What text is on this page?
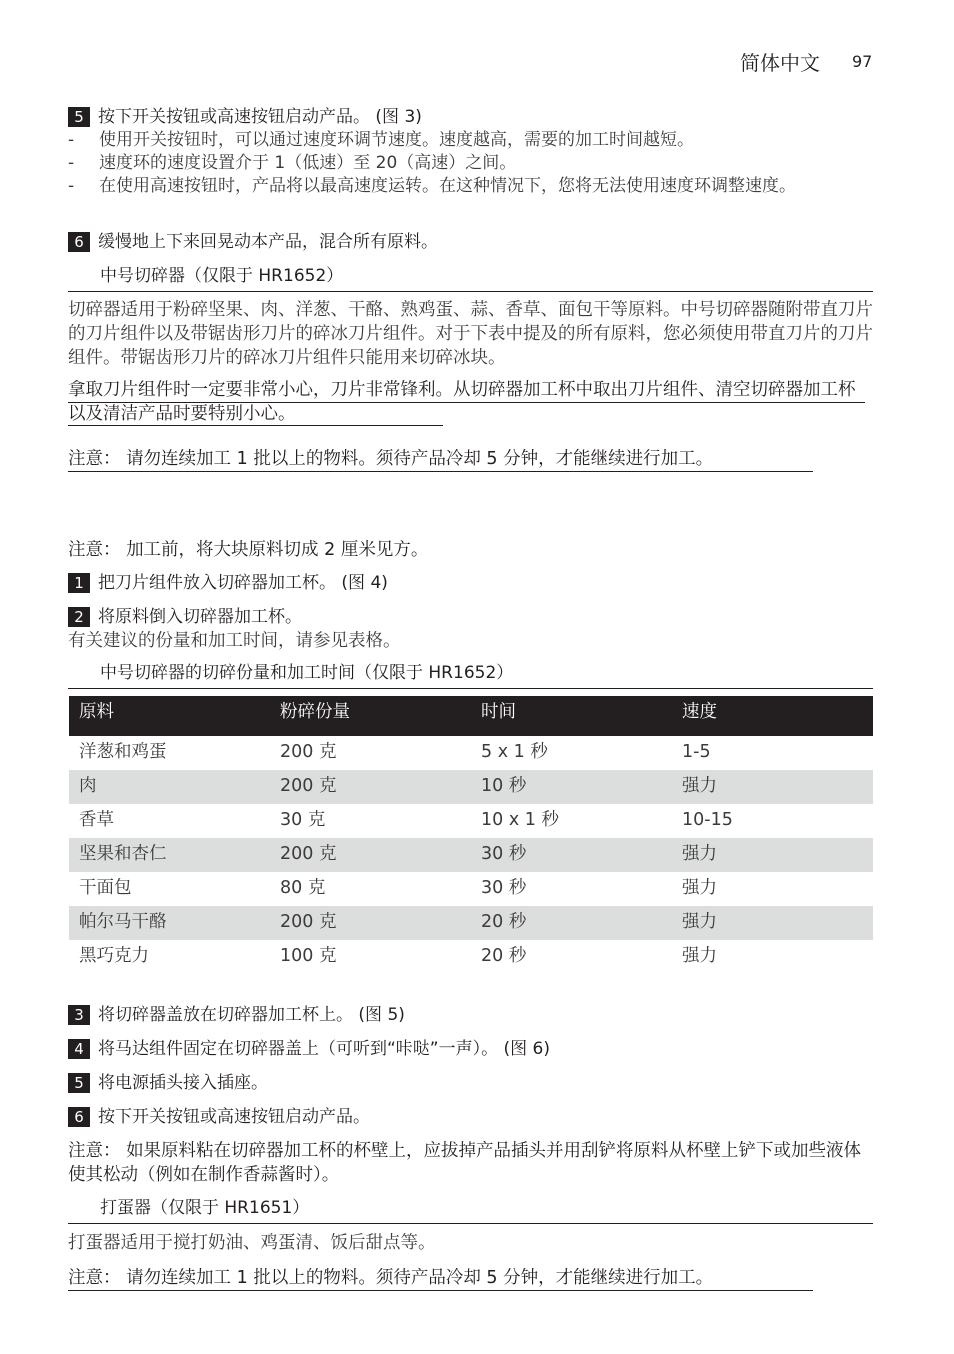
简体中文 97
5 按下开关按钮或高速按钮启动产品。 (图 3)
- 使用开关按钮时，可以通过速度环调节速度。速度越高，需要的加工时间越短。
- 速度环的速度设置介于 1（低速）至 20（高速）之间。
- 在使用高速按钮时，产品将以最高速度运转。在这种情况下，您将无法使用速度环调整速度。
6 缓慢地上下来回晃动本产品，混合所有原料。
中号切碎器（仅限于 HR1652）
切碎器适用于粉碎坚果、肉、洋葱、干酪、熟鸡蛋、蒜、香草、面包干等原料。中号切碎器随附带直刀片的刀片组件以及带锯齿形刀片的碎冰刀片组件。对于下表中提及的所有原料，您必须使用带直刀片的刀片组件。带锯齿形刀片的碎冰刀片组件只能用来切碎冰块。
拿取刀片组件时一定要非常小心，刀片非常锋利。从切碎器加工杯中取出刀片组件、清空切碎器加工杯以及清洁产品时要特别小心。
注意： 请勿连续加工 1 批以上的物料。须待产品冷却 5 分钟，才能继续进行加工。
注意： 加工前，将大块原料切成 2 厘米见方。
1 把刀片组件放入切碎器加工杯。 (图 4)
2 将原料倒入切碎器加工杯。
有关建议的份量和加工时间，请参见表格。
中号切碎器的切碎份量和加工时间（仅限于 HR1652）
原料	粉碎份量	时间	速度
洋葱和鸡蛋	200 克	5 x 1 秒	1-5
肉	200 克	10 秒	强力
香草	30 克	10 x 1 秒	10-15
坚果和杏仁	200 克	30 秒	强力
干面包	80 克	30 秒	强力
帕尔马干酪	200 克	20 秒	强力
黑巧克力	100 克	20 秒	强力
3 将切碎器盖放在切碎器加工杯上。 (图 5)
4 将马达组件固定在切碎器盖上（可听到“咔哒”一声）。 (图 6)
5 将电源插头接入插座。
6 按下开关按钮或高速按钮启动产品。
注意： 如果原料粘在切碎器加工杯的杯壁上，应拔掉产品插头并用刮铲将原料从杯壁上铲下或加些液体使其松动（例如在制作香蒜酱时）。
打蛋器（仅限于 HR1651）
打蛋器适用于搅打奶油、鸡蛋清、饭后甜点等。
注意： 请勿连续加工 1 批以上的物料。须待产品冷却 5 分钟，才能继续进行加工。
